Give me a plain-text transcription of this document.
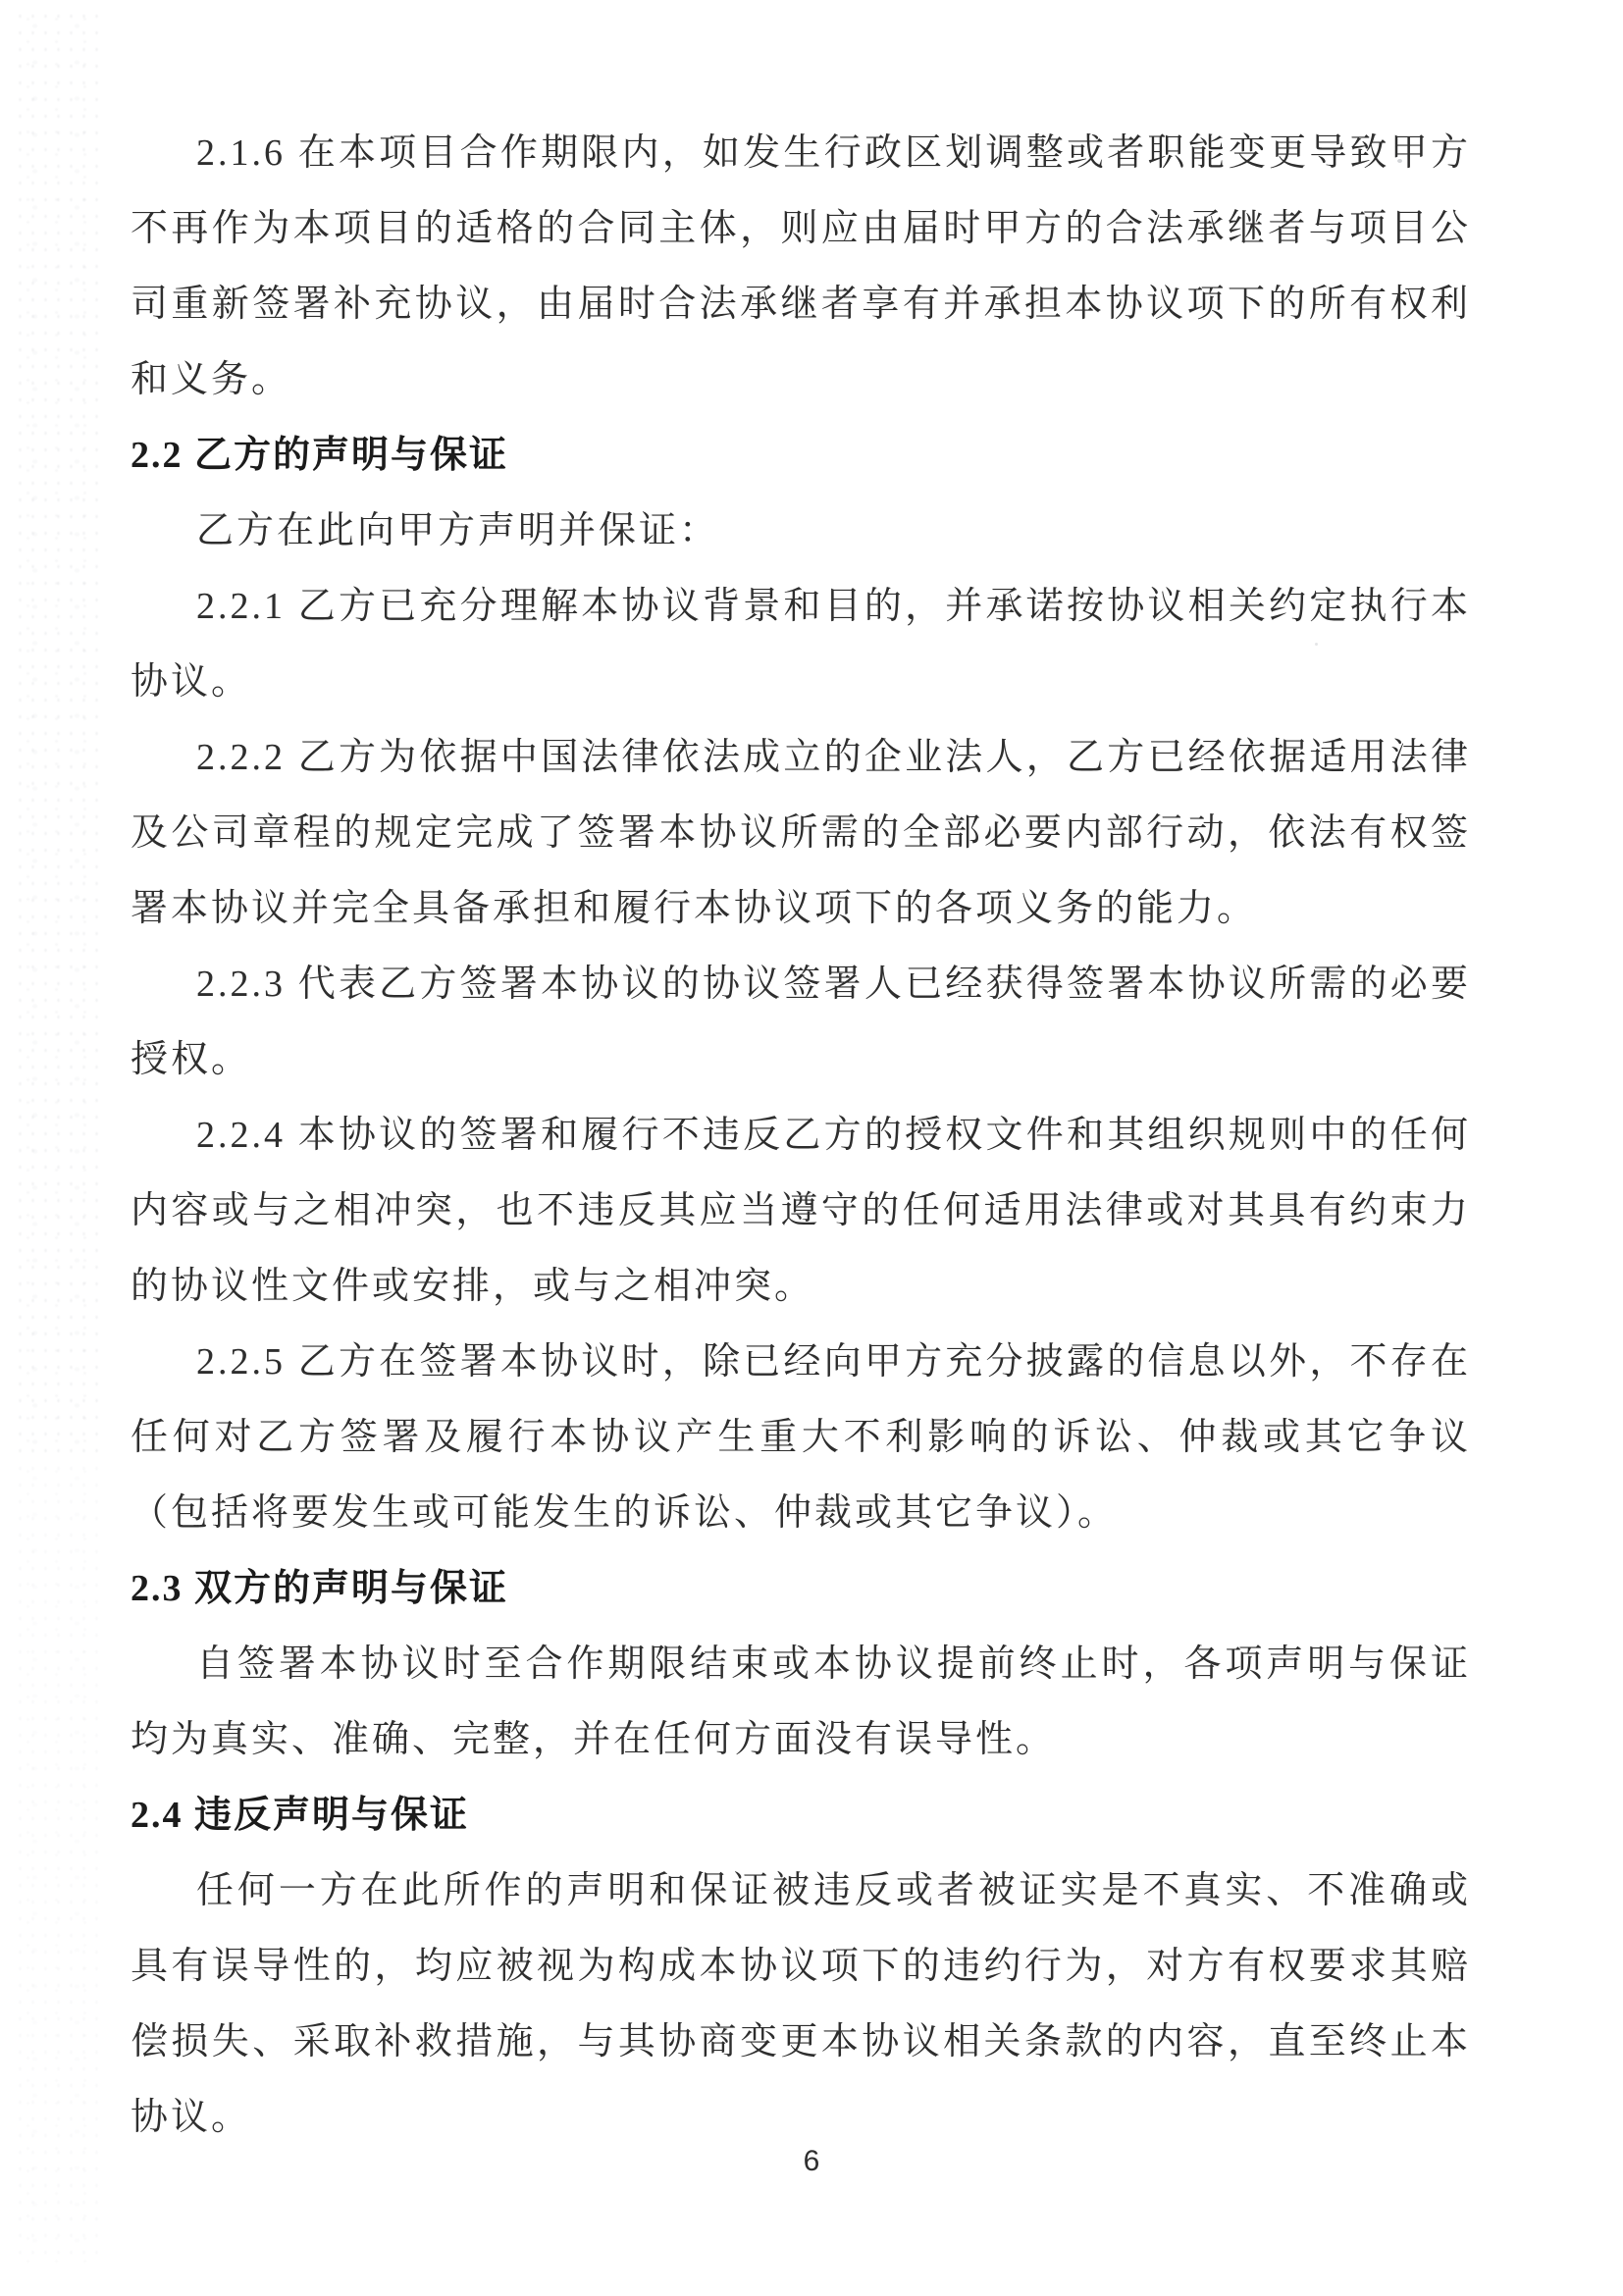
2.1.6 在本项目合作期限内，如发生行政区划调整或者职能变更导致甲方不再作为本项目的适格的合同主体，则应由届时甲方的合法承继者与项目公司重新签署补充协议，由届时合法承继者享有并承担本协议项下的所有权利和义务。

2.2 乙方的声明与保证

乙方在此向甲方声明并保证：

2.2.1 乙方已充分理解本协议背景和目的，并承诺按协议相关约定执行本协议。

2.2.2 乙方为依据中国法律依法成立的企业法人，乙方已经依据适用法律及公司章程的规定完成了签署本协议所需的全部必要内部行动，依法有权签署本协议并完全具备承担和履行本协议项下的各项义务的能力。

2.2.3 代表乙方签署本协议的协议签署人已经获得签署本协议所需的必要授权。

2.2.4 本协议的签署和履行不违反乙方的授权文件和其组织规则中的任何内容或与之相冲突，也不违反其应当遵守的任何适用法律或对其具有约束力的协议性文件或安排，或与之相冲突。

2.2.5 乙方在签署本协议时，除已经向甲方充分披露的信息以外，不存在任何对乙方签署及履行本协议产生重大不利影响的诉讼、仲裁或其它争议（包括将要发生或可能发生的诉讼、仲裁或其它争议）。

2.3 双方的声明与保证

自签署本协议时至合作期限结束或本协议提前终止时，各项声明与保证均为真实、准确、完整，并在任何方面没有误导性。

2.4 违反声明与保证

任何一方在此所作的声明和保证被违反或者被证实是不真实、不准确或具有误导性的，均应被视为构成本协议项下的违约行为，对方有权要求其赔偿损失、采取补救措施，与其协商变更本协议相关条款的内容，直至终止本协议。

6
